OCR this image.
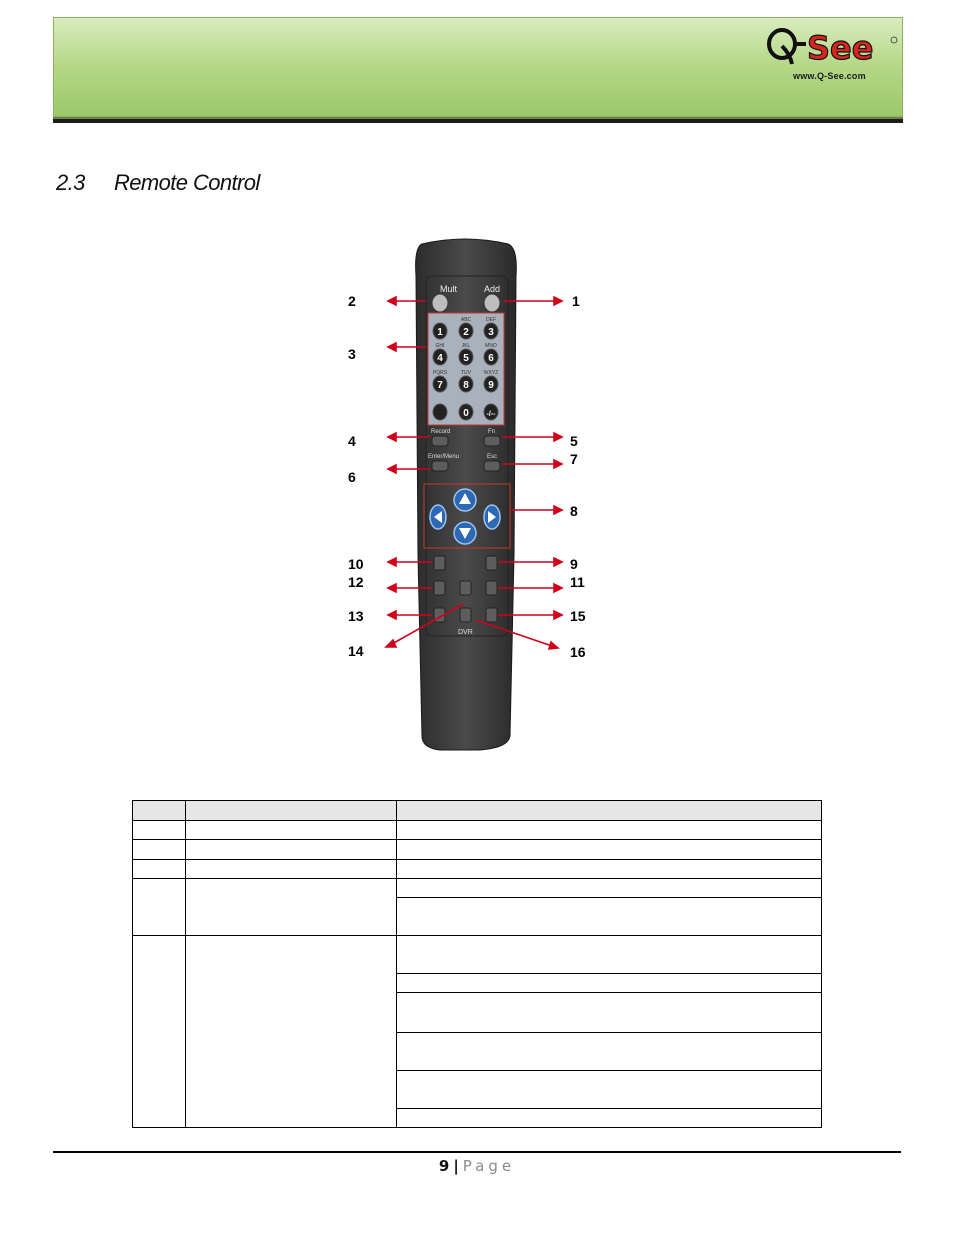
See
www.Q-See.com
2.3 Remote Control
Mult	Add
1 2 3
4 5 6
7 8 9
0	-/--
ABC	DEF
GHI	JKL	MNO
PQRS	TUV	WXYZ
Record	Fn
Enter/Menu	Esc
DVR
1
2
3
4	5
6
7
8
9
10
11
12
13
14
15
16

9 | Page
